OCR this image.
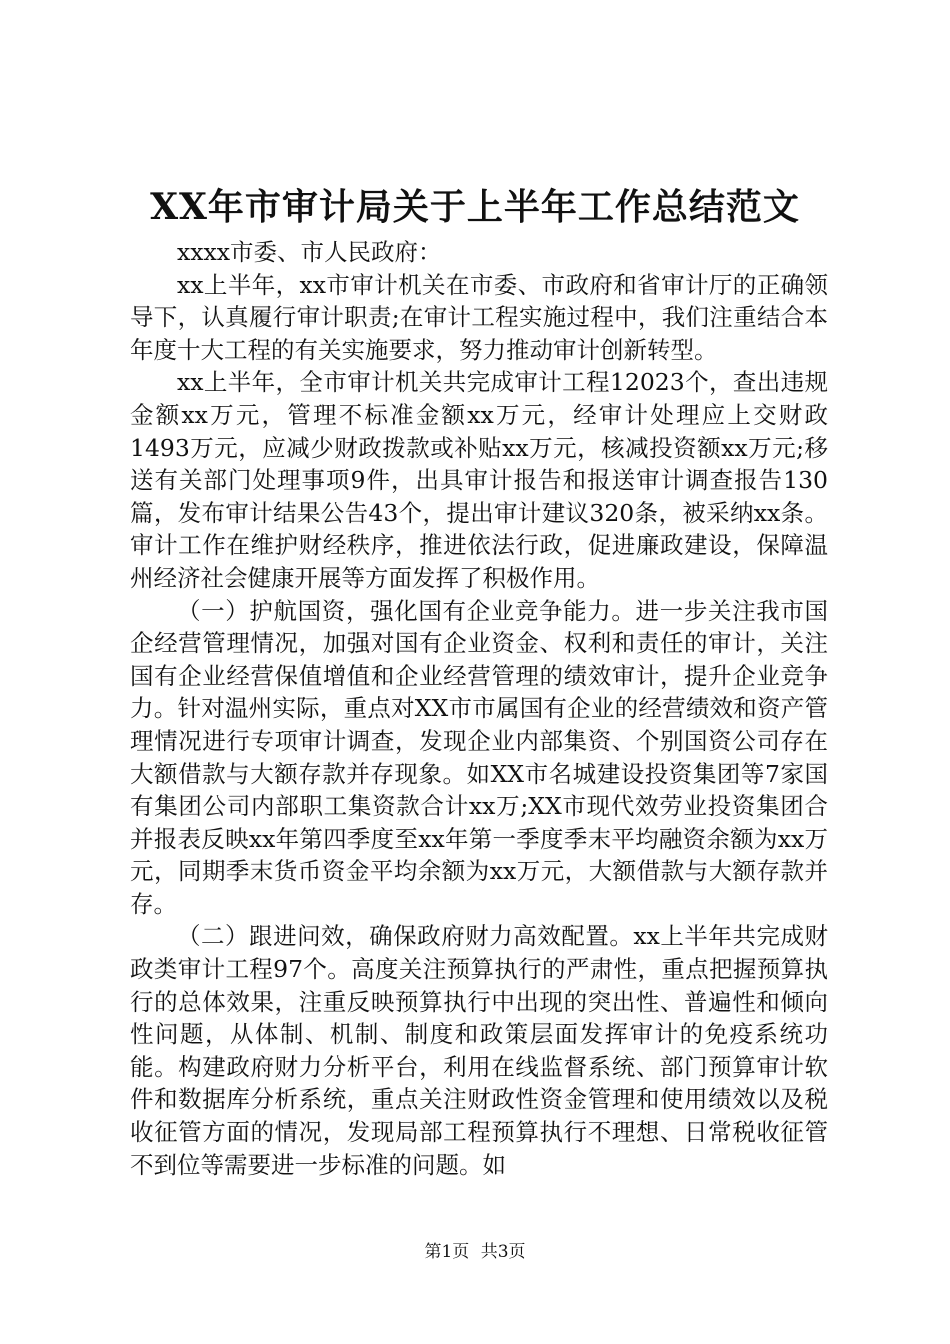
XX年市审计局关于上半年工作总结范文

xxxx市委、市人民政府：

xx上半年，xx市审计机关在市委、市政府和省审计厅的正确领导下，认真履行审计职责;在审计工程实施过程中，我们注重结合本年度十大工程的有关实施要求，努力推动审计创新转型。

xx上半年，全市审计机关共完成审计工程12023个，查出违规金额xx万元，管理不标准金额xx万元，经审计处理应上交财政1493万元，应减少财政拨款或补贴xx万元，核减投资额xx万元;移送有关部门处理事项9件，出具审计报告和报送审计调查报告130篇，发布审计结果公告43个，提出审计建议320条，被采纳xx条。审计工作在维护财经秩序，推进依法行政，促进廉政建设，保障温州经济社会健康开展等方面发挥了积极作用。

（一）护航国资，强化国有企业竞争能力。进一步关注我市国企经营管理情况，加强对国有企业资金、权利和责任的审计，关注国有企业经营保值增值和企业经营管理的绩效审计，提升企业竞争力。针对温州实际，重点对XX市市属国有企业的经营绩效和资产管理情况进行专项审计调查，发现企业内部集资、个别国资公司存在大额借款与大额存款并存现象。如XX市名城建设投资集团等7家国有集团公司内部职工集资款合计xx万;XX市现代效劳业投资集团合并报表反映xx年第四季度至xx年第一季度季末平均融资余额为xx万元，同期季末货币资金平均余额为xx万元，大额借款与大额存款并存。

（二）跟进问效，确保政府财力高效配置。xx上半年共完成财政类审计工程97个。高度关注预算执行的严肃性，重点把握预算执行的总体效果，注重反映预算执行中出现的突出性、普遍性和倾向性问题，从体制、机制、制度和政策层面发挥审计的免疫系统功能。构建政府财力分析平台，利用在线监督系统、部门预算审计软件和数据库分析系统，重点关注财政性资金管理和使用绩效以及税收征管方面的情况，发现局部工程预算执行不理想、日常税收征管不到位等需要进一步标准的问题。如

第1页 共3页
